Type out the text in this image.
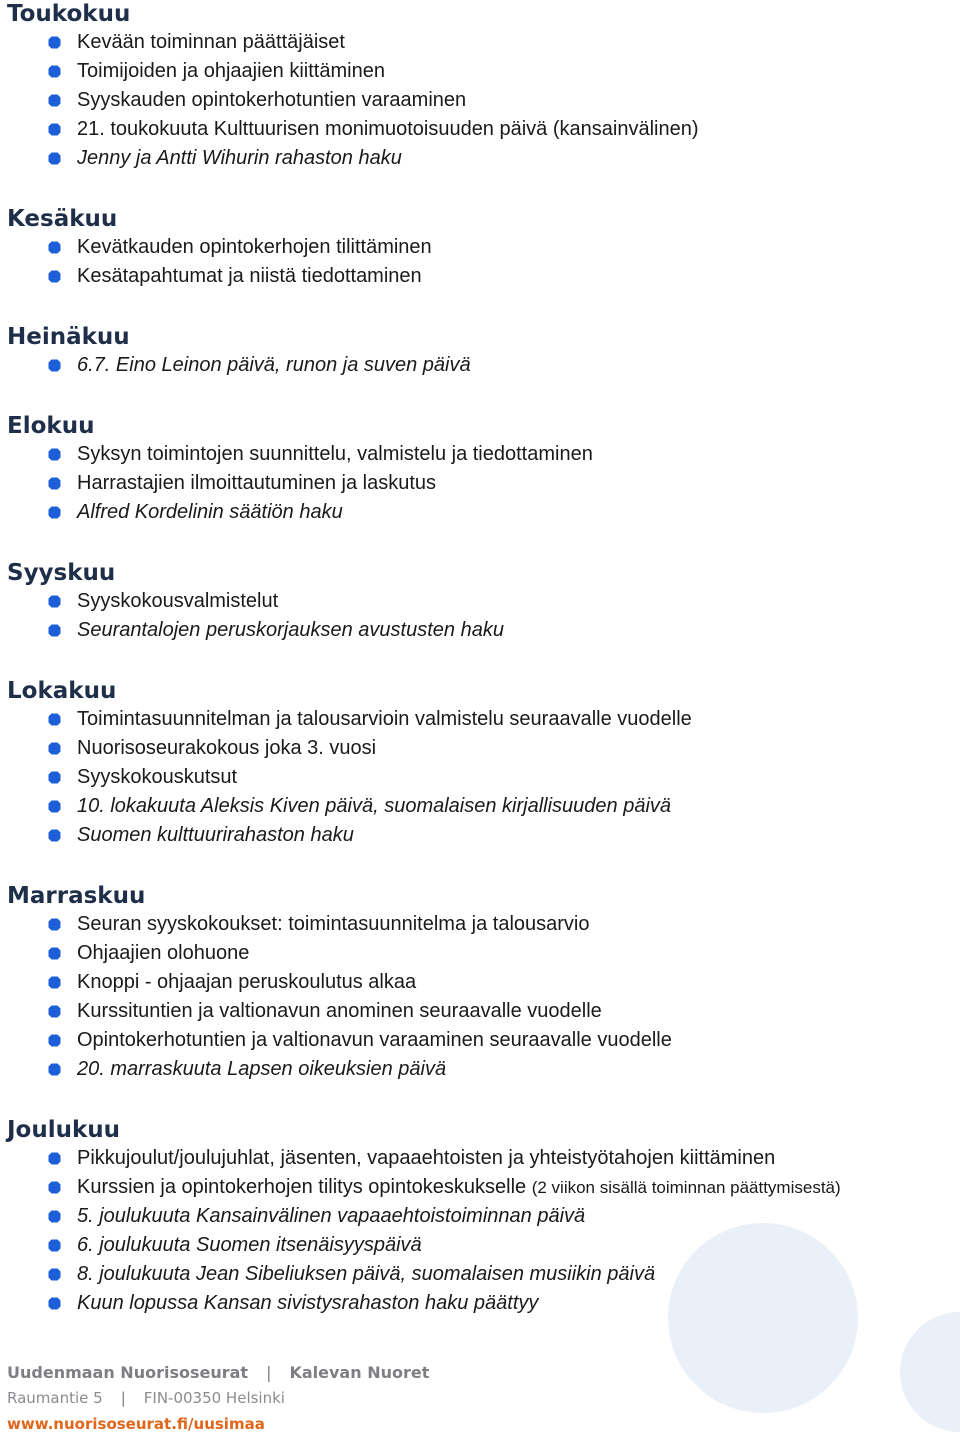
Toukokuu
Kevään toiminnan päättäjäiset
Toimijoiden ja ohjaajien kiittäminen
Syyskauden opintokerhotuntien varaaminen
21. toukokuuta Kulttuurisen monimuotoisuuden päivä (kansainvälinen)
Jenny ja Antti Wihurin rahaston haku
Kesäkuu
Kevätkauden opintokerhojen tilittäminen
Kesätapahtumat ja niistä tiedottaminen
Heinäkuu
6.7. Eino Leinon päivä, runon ja suven päivä
Elokuu
Syksyn toimintojen suunnittelu, valmistelu ja tiedottaminen
Harrastajien ilmoittautuminen ja laskutus
Alfred Kordelinin säätiön haku
Syyskuu
Syyskokousvalmistelut
Seurantalojen peruskorjauksen avustusten haku
Lokakuu
Toimintasuunnitelman ja talousarvioin valmistelu seuraavalle vuodelle
Nuorisoseurakokous joka 3. vuosi
Syyskokouskutsut
10. lokakuuta Aleksis Kiven päivä, suomalaisen kirjallisuuden päivä
Suomen kulttuurirahaston haku
Marraskuu
Seuran syyskokoukset: toimintasuunnitelma ja talousarvio
Ohjaajien olohuone
Knoppi - ohjaajan peruskoulutus alkaa
Kurssituntien ja valtionavun anominen seuraavalle vuodelle
Opintokerhotuntien ja valtionavun varaaminen seuraavalle vuodelle
20. marraskuuta Lapsen oikeuksien päivä
Joulukuu
Pikkujoulut/joulujuhlat, jäsenten, vapaaehtoisten ja yhteistyötahojen kiittäminen
Kurssien ja opintokerhojen tilitys opintokeskukselle (2 viikon sisällä toiminnan päättymisestä)
5. joulukuuta Kansainvälinen vapaaehtoistoiminnan päivä
6. joulukuuta Suomen itsenäisyyspäivä
8. joulukuuta Jean Sibeliuksen päivä, suomalaisen musiikin päivä
Kuun lopussa Kansan sivistysrahaston haku päättyy
Uudenmaan Nuorisoseurat | Kalevan Nuoret
Raumantie 5 | FIN-00350 Helsinki
www.nuorisoseurat.fi/uusimaa
